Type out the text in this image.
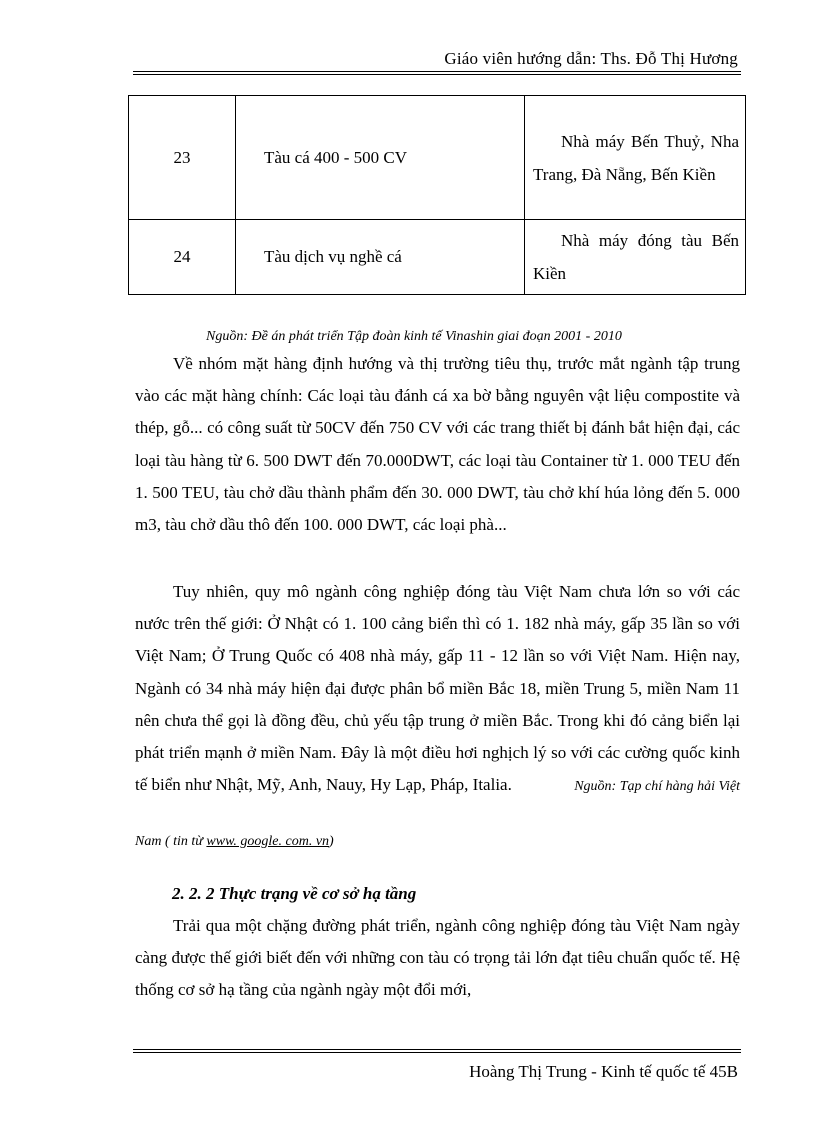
Giáo viên hướng dẫn: Ths. Đỗ Thị Hương
23	Tàu cá 400 - 500 CV	Nhà máy Bến Thuỷ, Nha Trang, Đà Nẵng, Bến Kiền
24	Tàu dịch vụ nghề cá	Nhà máy đóng tàu Bến Kiền
Nguồn: Đề án phát triển Tập đoàn kinh tế Vinashin giai đoạn 2001 - 2010
Về nhóm mặt hàng định hướng và thị trường tiêu thụ, trước mắt ngành tập trung vào các mặt hàng chính: Các loại tàu đánh cá xa bờ bằng nguyên vật liệu compostite và thép, gỗ... có công suất từ 50CV đến 750 CV với các trang thiết bị đánh bắt hiện đại, các loại tàu hàng từ 6. 500 DWT đến 70.000DWT, các loại tàu Container từ 1. 000 TEU đến 1. 500 TEU, tàu chở dầu thành phẩm đến 30. 000 DWT, tàu chở khí húa lỏng đến 5. 000 m3, tàu chở dầu thô đến 100. 000 DWT, các loại phà...
Tuy nhiên, quy mô ngành công nghiệp đóng tàu Việt Nam chưa lớn so với các nước trên thế giới: Ở Nhật có 1. 100 cảng biển thì có 1. 182 nhà máy, gấp 35 lần so với Việt Nam; Ở Trung Quốc có 408 nhà máy, gấp 11 - 12 lần so với Việt Nam. Hiện nay, Ngành có 34 nhà máy hiện đại được phân bổ miền Bắc 18, miền Trung 5, miền Nam 11 nên chưa thể gọi là đồng đều, chủ yếu tập trung ở miền Bắc. Trong khi đó cảng biển lại phát triển mạnh ở miền Nam. Đây là một điều hơi nghịch lý so với các cường quốc kinh tế biển như Nhật, Mỹ, Anh, Nauy, Hy Lạp, Pháp, Italia.	Nguồn: Tạp chí hàng hải Việt
Nam ( tin từ www. google. com. vn)
2. 2. 2 Thực trạng về cơ sở hạ tầng
Trải qua một chặng đường phát triển, ngành công nghiệp đóng tàu Việt Nam ngày càng được thế giới biết đến với những con tàu có trọng tải lớn đạt tiêu chuẩn quốc tế. Hệ thống cơ sở hạ tầng của ngành ngày một đổi mới,
Hoàng Thị Trung - Kinh tế quốc tế 45B
